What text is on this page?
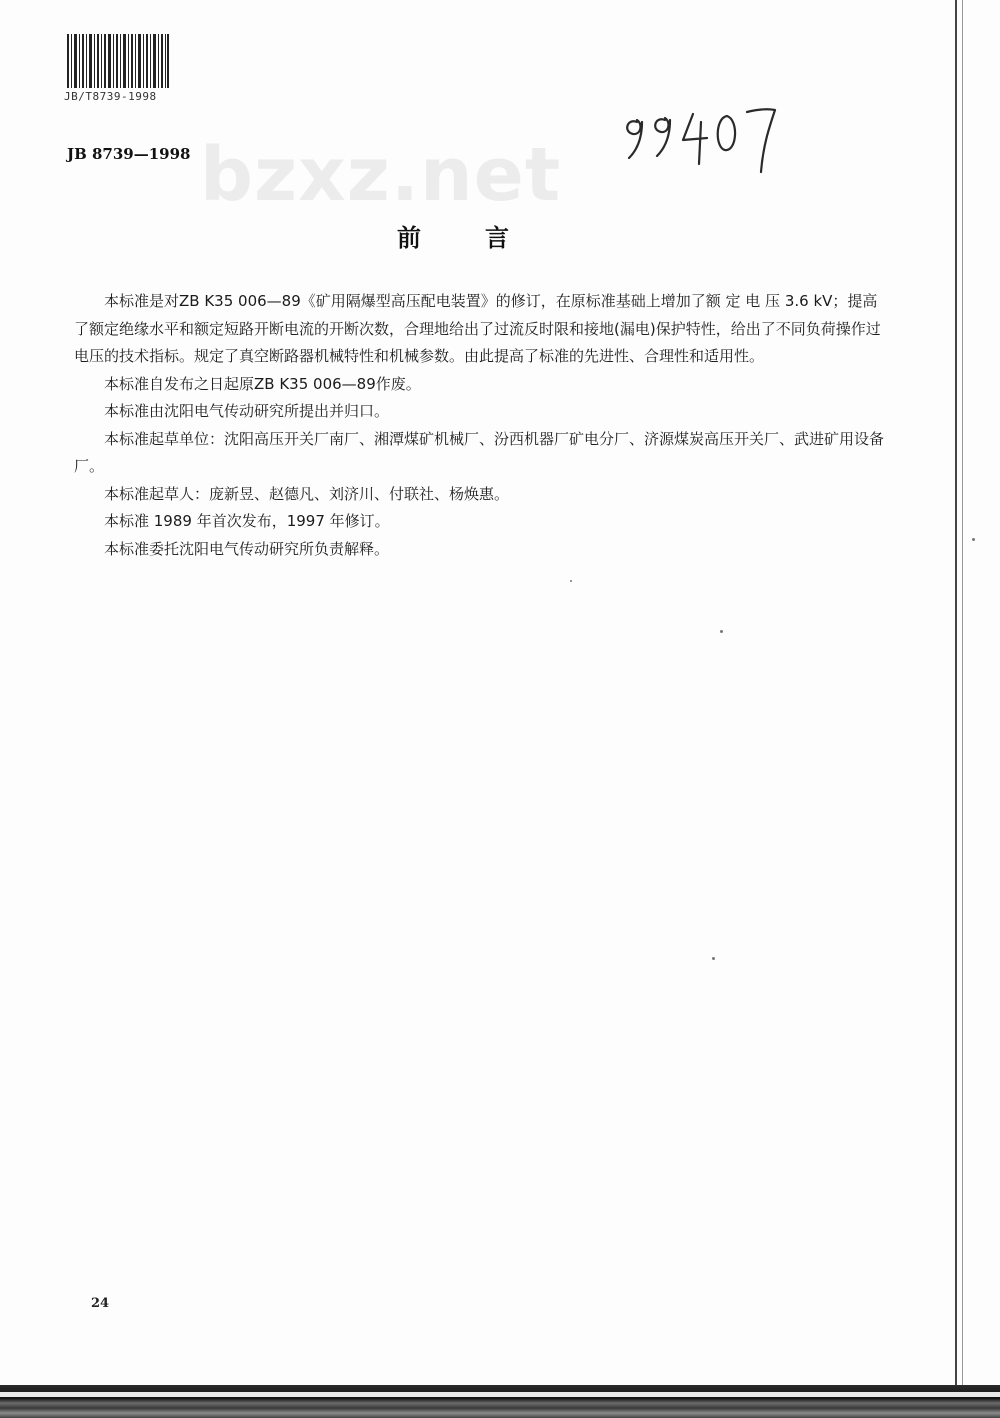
JB/T8739-1998
bzxz.net
JB 8739—1998
前言

本标准是对ZB K35 006—89《矿用隔爆型高压配电装置》的修订，在原标准基础上增加了额 定 电 压 3.6 kV；提高了额定绝缘水平和额定短路开断电流的开断次数，合理地给出了过流反时限和接地(漏电)保护特性，给出了不同负荷操作过电压的技术指标。规定了真空断路器机械特性和机械参数。由此提高了标准的先进性、合理性和适用性。

本标准自发布之日起原ZB K35 006—89作废。

本标准由沈阳电气传动研究所提出并归口。

本标准起草单位：沈阳高压开关厂南厂、湘潭煤矿机械厂、汾西机器厂矿电分厂、济源煤炭高压开关厂、武进矿用设备厂。

本标准起草人：庞新昱、赵德凡、刘济川、付联社、杨焕惠。

本标准 1989 年首次发布，1997 年修订。

本标准委托沈阳电气传动研究所负责解释。

24
